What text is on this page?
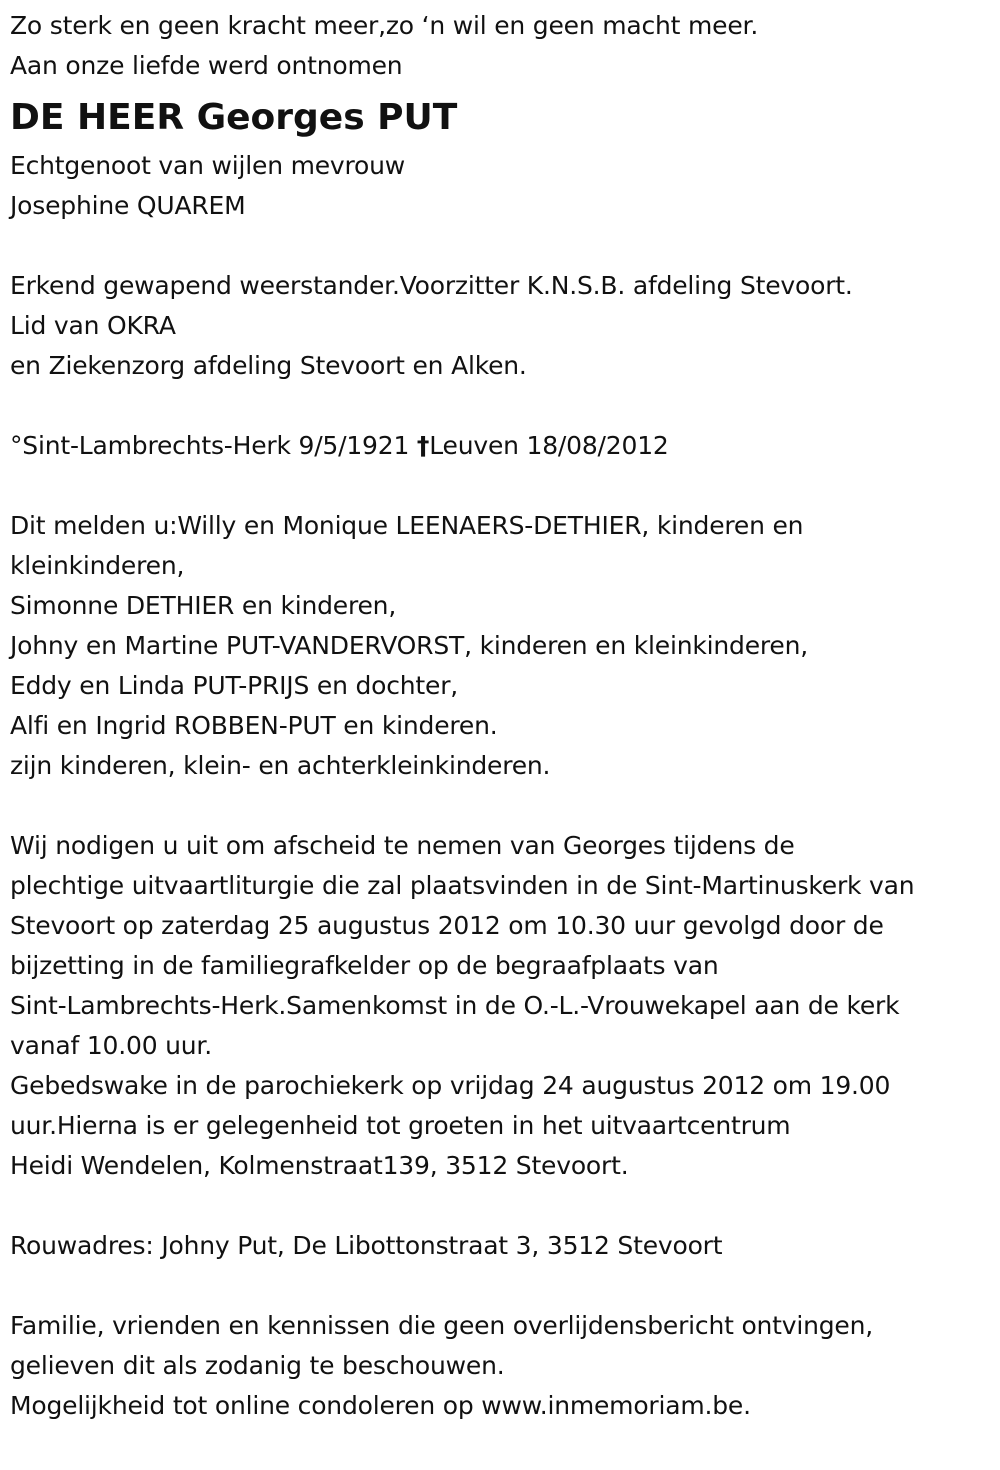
Zo sterk en geen kracht meer,zo ‘n wil en geen macht meer.
Aan onze liefde werd ontnomen
DE HEER Georges PUT
Echtgenoot van wijlen mevrouw
Josephine QUAREM
Erkend gewapend weerstander.Voorzitter K.N.S.B. afdeling Stevoort.
Lid van OKRA
en Ziekenzorg afdeling Stevoort en Alken.
°Sint-Lambrechts-Herk 9/5/1921 †Leuven 18/08/2012
Dit melden u:Willy en Monique LEENAERS-DETHIER, kinderen en
kleinkinderen,
Simonne DETHIER en kinderen,
Johny en Martine PUT-VANDERVORST, kinderen en kleinkinderen,
Eddy en Linda PUT-PRIJS en dochter,
Alfi en Ingrid ROBBEN-PUT en kinderen.
zijn kinderen, klein- en achterkleinkinderen.
Wij nodigen u uit om afscheid te nemen van Georges tijdens de
plechtige uitvaartliturgie die zal plaatsvinden in de Sint-Martinuskerk van
Stevoort op zaterdag 25 augustus 2012 om 10.30 uur gevolgd door de
bijzetting in de familiegrafkelder op de begraafplaats van
Sint-Lambrechts-Herk.Samenkomst in de O.-L.-Vrouwekapel aan de kerk
vanaf 10.00 uur.
Gebedswake in de parochiekerk op vrijdag 24 augustus 2012 om 19.00
uur.Hierna is er gelegenheid tot groeten in het uitvaartcentrum
Heidi Wendelen, Kolmenstraat139, 3512 Stevoort.
Rouwadres: Johny Put, De Libottonstraat 3, 3512 Stevoort
Familie, vrienden en kennissen die geen overlijdensbericht ontvingen,
gelieven dit als zodanig te beschouwen.
Mogelijkheid tot online condoleren op www.inmemoriam.be.
